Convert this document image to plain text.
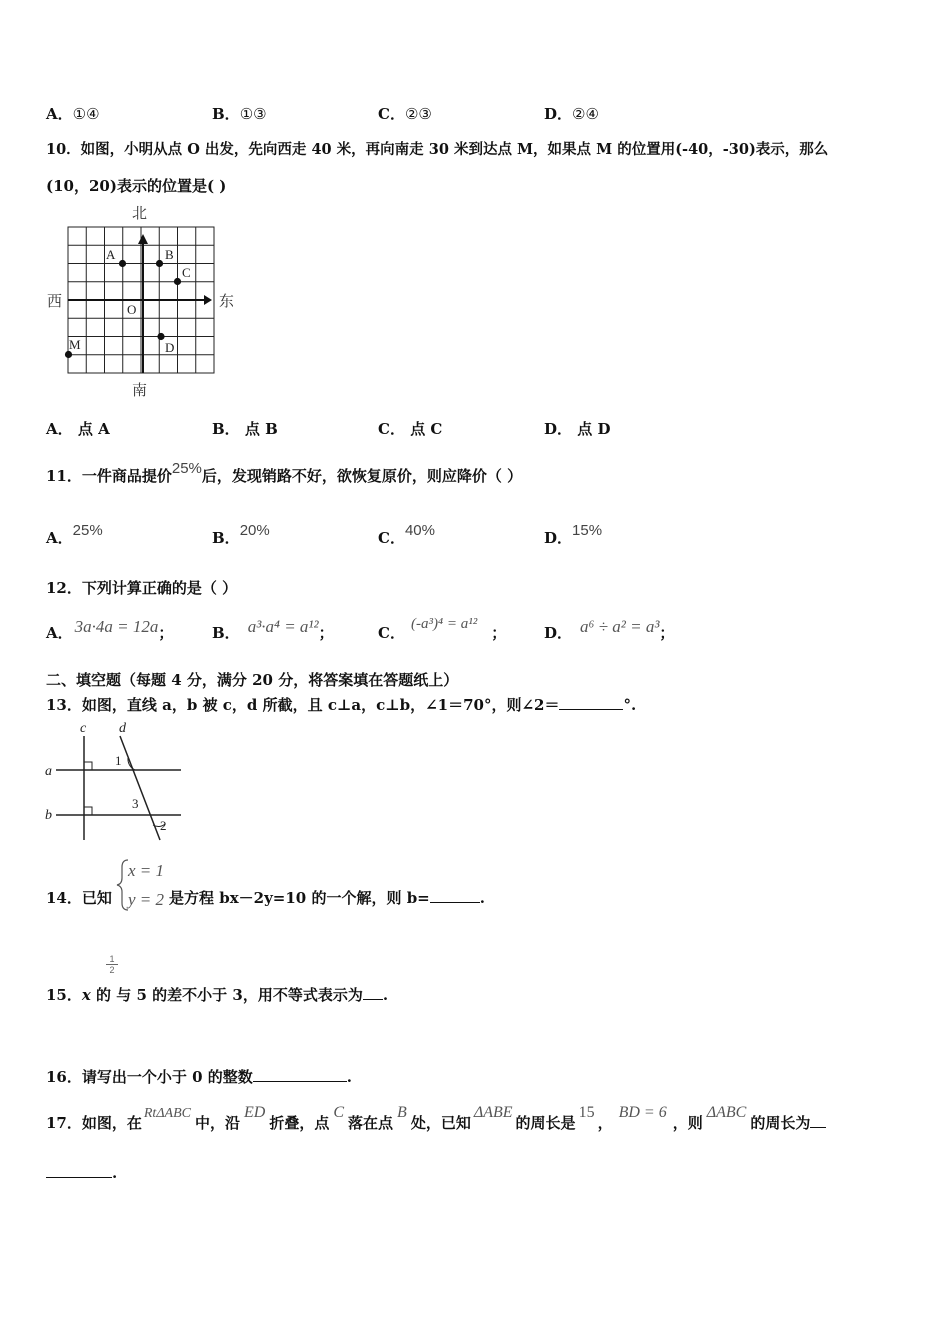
A．①④	B．①③	C．②③	D．②④
10．如图，小明从点 O 出发，先向西走 40 米，再向南走 30 米到达点 M，如果点 M 的位置用(-40，-30)表示，那么
(10，20)表示的位置是( )
北
南
西	东
A	B
C
O
M	D
A． 点 A	B． 点 B	C． 点 C	D． 点 D
11．一件商品提价25%后，发现销路不好，欲恢复原价，则应降价（ ）
A．25%	B．20%	C．40%	D．15%
12．下列计算正确的是（ ）
A． 3a·4a = 12a；	B． a³·a⁴ = a¹²；	C． (-a³)⁴ = a¹² ；	D． a⁶ ÷ a² = a³；
二、填空题（每题 4 分，满分 20 分，将答案填在答题纸上）
13．如图，直线 a，b 被 c，d 所截，且 c⊥a，c⊥b，∠1＝70°，则∠2＝	°.
c d
a
b
1
3
2
14．已知
x = 1
y = 2 是方程 bx－2y=10 的一个解，则 b=	.
$\frac{1}{2}$
15．x 的 与 5 的差不小于 3，用不等式表示为 .
16．请写出一个小于 0 的整数	.
17．如图，在RtΔABC中，沿ED折叠，点C落在点B处，已知ΔABE的周长是15，BD = 6，则ΔABC的周长为
.
